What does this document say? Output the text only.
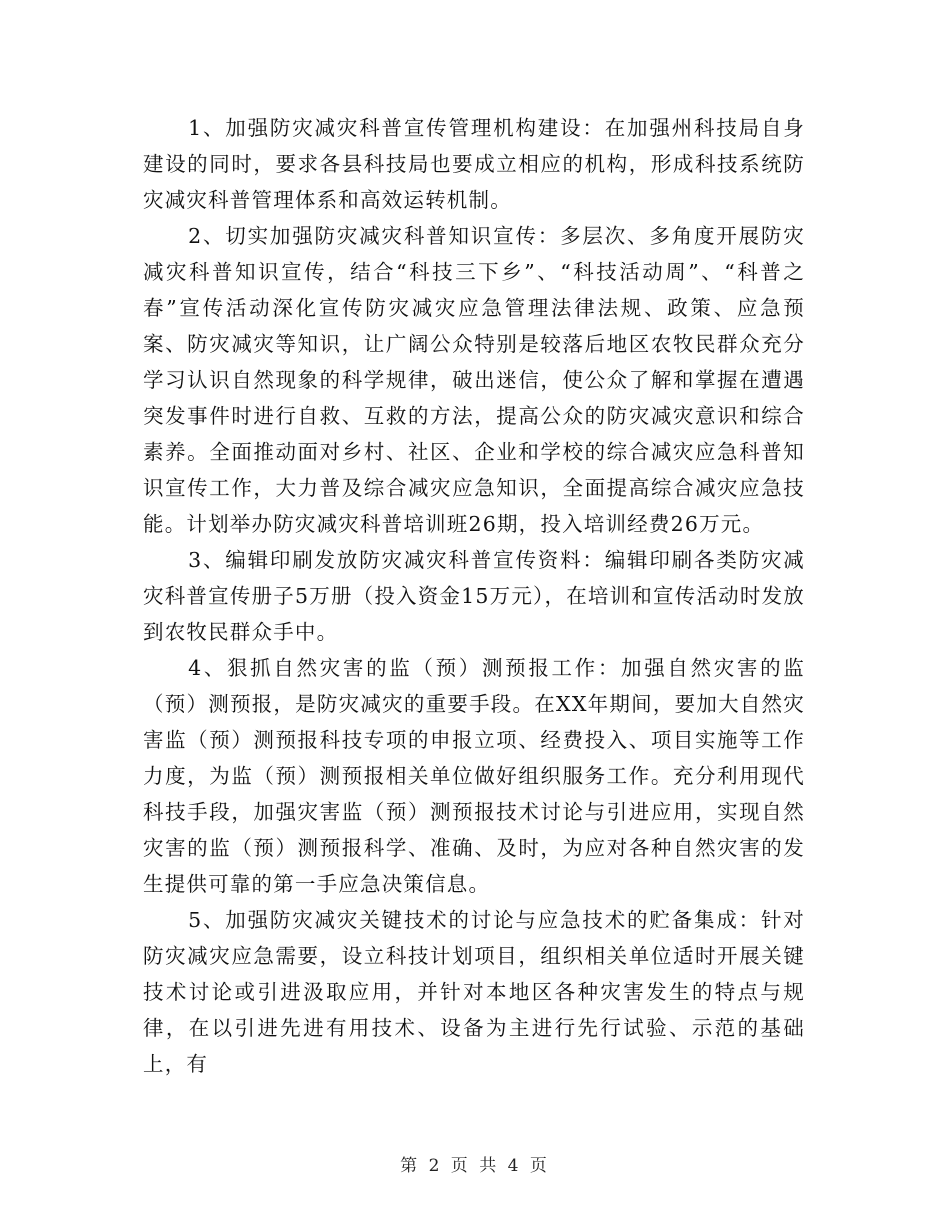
1、加强防灾减灾科普宣传管理机构建设：在加强州科技局自身建设的同时，要求各县科技局也要成立相应的机构，形成科技系统防灾减灾科普管理体系和高效运转机制。

2、切实加强防灾减灾科普知识宣传：多层次、多角度开展防灾减灾科普知识宣传，结合“科技三下乡”、“科技活动周”、“科普之春”宣传活动深化宣传防灾减灾应急管理法律法规、政策、应急预案、防灾减灾等知识，让广阔公众特别是较落后地区农牧民群众充分学习认识自然现象的科学规律，破出迷信，使公众了解和掌握在遭遇突发事件时进行自救、互救的方法，提高公众的防灾减灾意识和综合素养。全面推动面对乡村、社区、企业和学校的综合减灾应急科普知识宣传工作，大力普及综合减灾应急知识，全面提高综合减灾应急技能。计划举办防灾减灾科普培训班26期，投入培训经费26万元。

3、编辑印刷发放防灾减灾科普宣传资料：编辑印刷各类防灾减灾科普宣传册子5万册（投入资金15万元），在培训和宣传活动时发放到农牧民群众手中。

4、狠抓自然灾害的监（预）测预报工作：加强自然灾害的监（预）测预报，是防灾减灾的重要手段。在XX年期间，要加大自然灾害监（预）测预报科技专项的申报立项、经费投入、项目实施等工作力度，为监（预）测预报相关单位做好组织服务工作。充分利用现代科技手段，加强灾害监（预）测预报技术讨论与引进应用，实现自然灾害的监（预）测预报科学、准确、及时，为应对各种自然灾害的发生提供可靠的第一手应急决策信息。

5、加强防灾减灾关键技术的讨论与应急技术的贮备集成：针对防灾减灾应急需要，设立科技计划项目，组织相关单位适时开展关键技术讨论或引进汲取应用，并针对本地区各种灾害发生的特点与规律，在以引进先进有用技术、设备为主进行先行试验、示范的基础上，有

第 2 页 共 4 页
